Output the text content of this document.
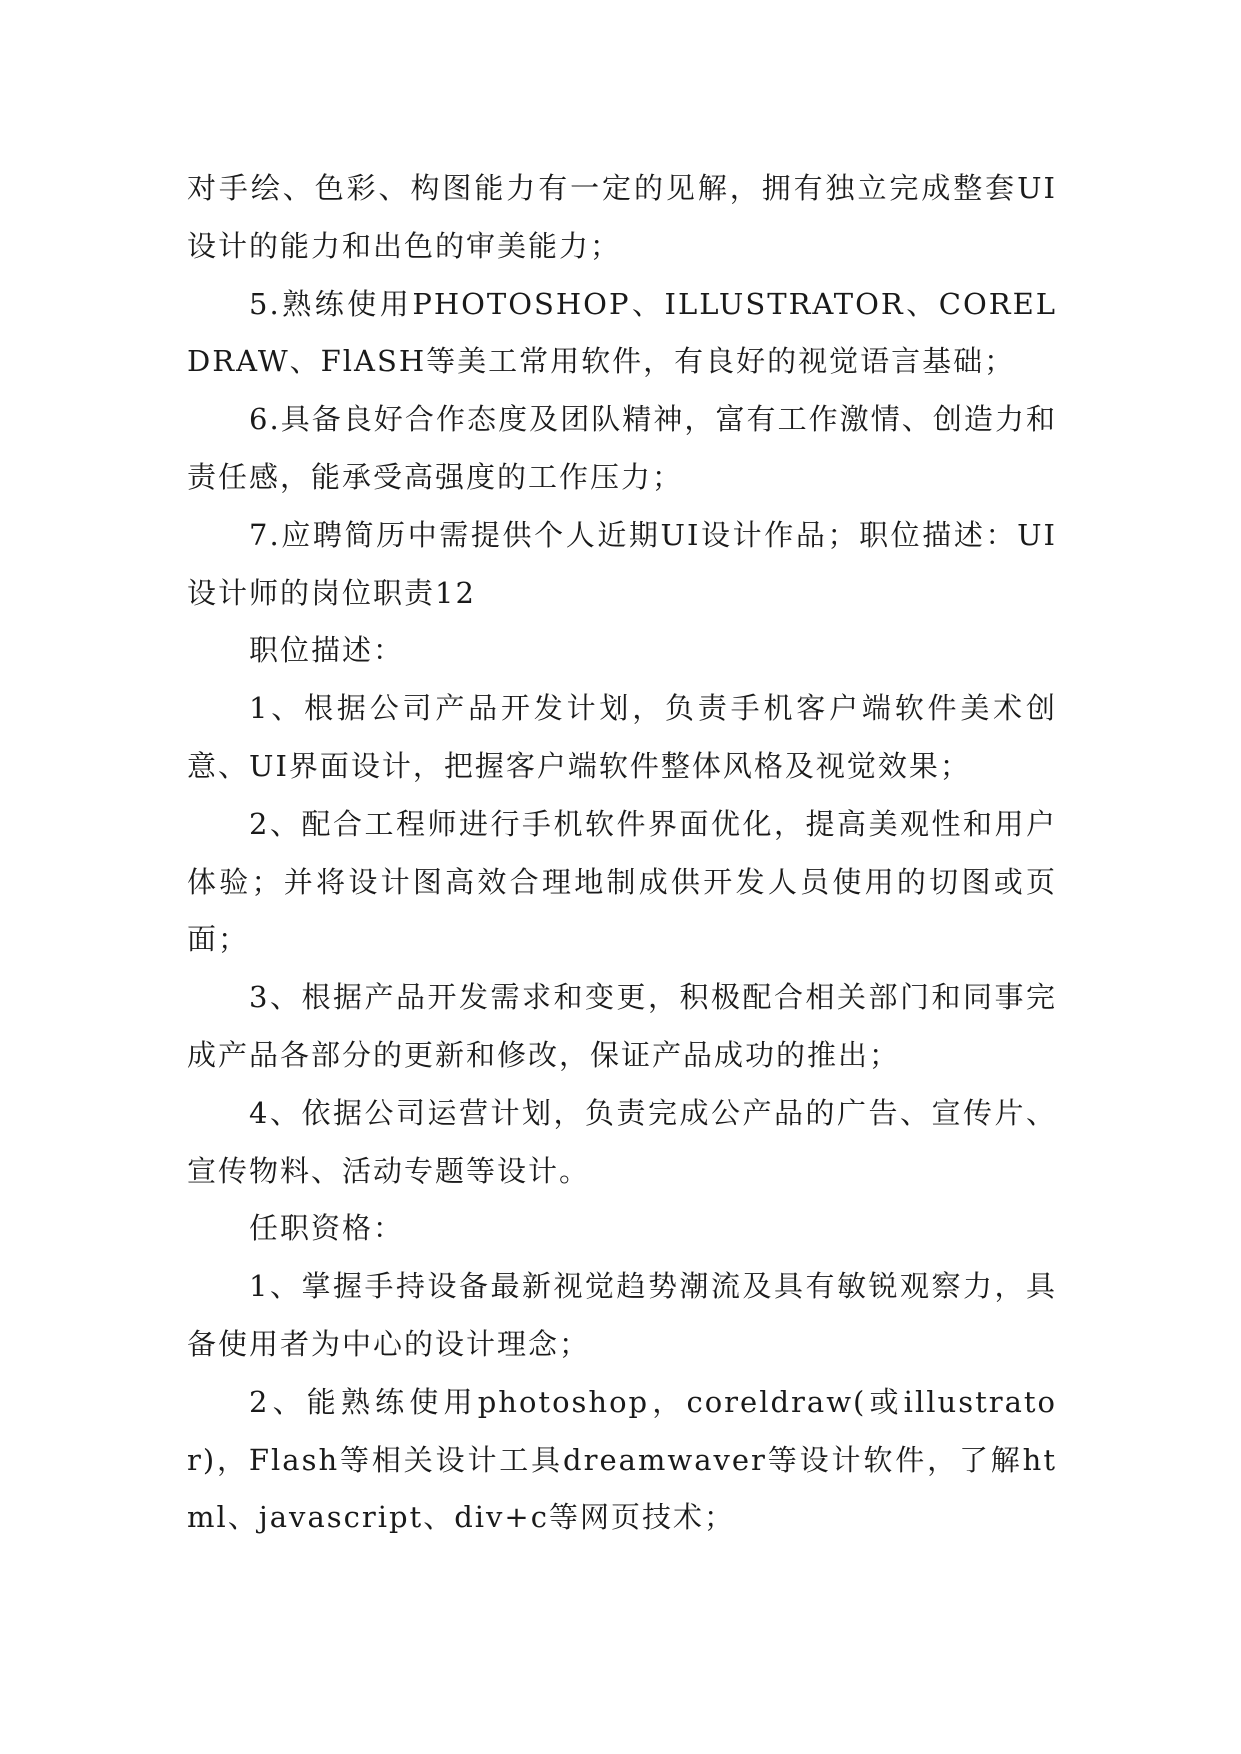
对手绘、色彩、构图能力有一定的见解，拥有独立完成整套UI设计的能力和出色的审美能力；

5.熟练使用PHOTOSHOP、ILLUSTRATOR、CORELDRAW、FlASH等美工常用软件，有良好的视觉语言基础；

6.具备良好合作态度及团队精神，富有工作激情、创造力和责任感，能承受高强度的工作压力；

7.应聘简历中需提供个人近期UI设计作品；职位描述：UI设计师的岗位职责12

职位描述：

1、根据公司产品开发计划，负责手机客户端软件美术创意、UI界面设计，把握客户端软件整体风格及视觉效果；

2、配合工程师进行手机软件界面优化，提高美观性和用户体验；并将设计图高效合理地制成供开发人员使用的切图或页面；

3、根据产品开发需求和变更，积极配合相关部门和同事完成产品各部分的更新和修改，保证产品成功的推出；

4、依据公司运营计划，负责完成公产品的广告、宣传片、宣传物料、活动专题等设计。

任职资格：

1、掌握手持设备最新视觉趋势潮流及具有敏锐观察力，具备使用者为中心的设计理念；

2、能熟练使用photoshop，coreldraw(或illustrator)，Flash等相关设计工具dreamwaver等设计软件，了解html、javascript、div+c等网页技术；
